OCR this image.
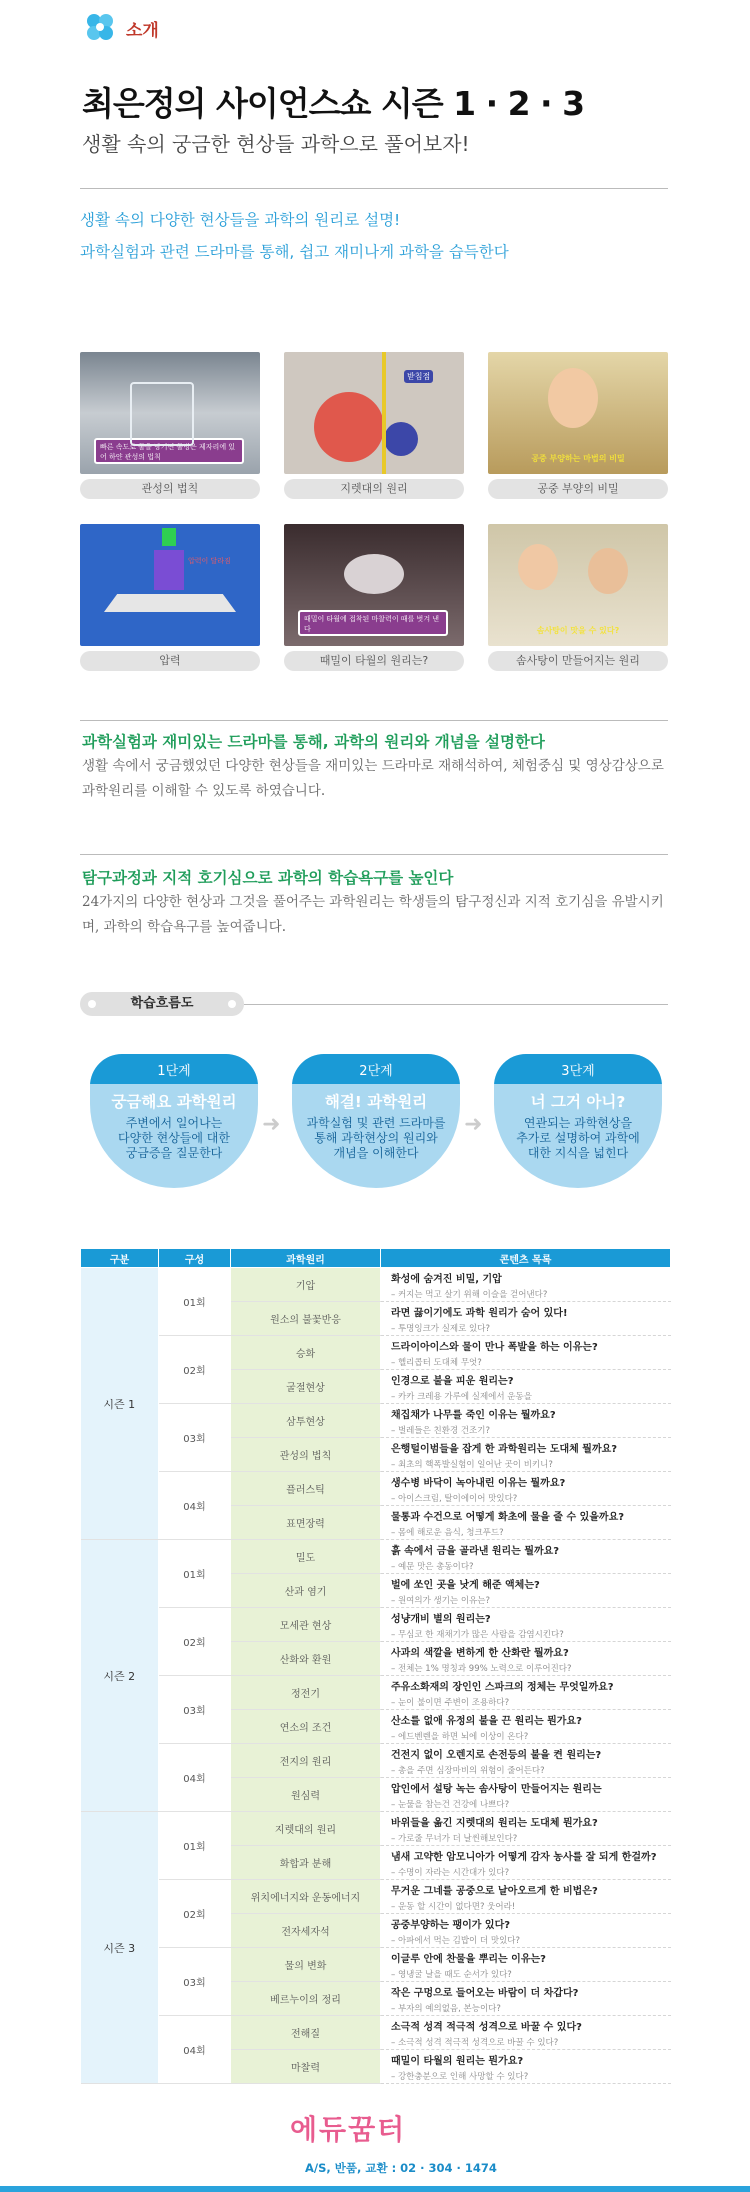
소개
최은정의 사이언스쇼 시즌 1 · 2 · 3
생활 속의 궁금한 현상들 과학으로 풀어보자!
생활 속의 다양한 현상들을 과학의 원리로 설명!
과학실험과 관련 드라마를 통해, 쉽고 재미나게 과학을 습득한다
빠른 속도로 물을 당기면 물병은 제자리에 있어 하얀 관성의 법칙
관성의 법칙
받침점
지렛대의 원리
공중 부양하는 마법의 비밀
공중 부양의 비밀
압력이 달라짐
압력
때밀이 타월에 접착된 마찰력이 때를 벗겨 낸다
때밀이 타월의 원리는?
솜사탕이 맛을 수 있다?
솜사탕이 만들어지는 원리
과학실험과 재미있는 드라마를 통해, 과학의 원리와 개념을 설명한다
생활 속에서 궁금했었던 다양한 현상들을 재미있는 드라마로 재해석하여, 체험중심 및 영상감상으로 과학원리를 이해할 수 있도록 하였습니다.
탐구과정과 지적 호기심으로 과학의 학습욕구를 높인다
24가지의 다양한 현상과 그것을 풀어주는 과학원리는 학생들의 탐구정신과 지적 호기심을 유발시키며, 과학의 학습욕구를 높여줍니다.
학습흐름도
1단계
궁금해요 과학원리
주변에서 일어나는
다양한 현상들에 대한
궁금증을 질문한다
➜
2단계
해결! 과학원리
과학실험 및 관련 드라마를
통해 과학현상의 원리와
개념을 이해한다
➜
3단계
너 그거 아니?
연관되는 과학현상을
추가로 설명하여 과학에
대한 지식을 넓힌다
구분	구성	과학원리	콘텐츠 목록
시즌 1	01회	기압	화성에 숨겨진 비밀, 기압
– 커지는 먹고 살기 위해 이슬을 걷어낸다?

		원소의 불꽃반응	라면 끓이기에도 과학 원리가 숨어 있다!
– 투명잉크가 실제로 있다?

	02회	승화	드라이아이스와 물이 만나 폭발을 하는 이유는?
– 헬리콥터 도대체 무엇?

		굴절현상	인경으로 불을 피운 원리는?
– 카카 크레용 가루에 실제에서 운동을

	03회	삼투현상	채집채가 나무를 죽인 이유는 뭘까요?
– 벌레들은 친환경 건조기?

		관성의 법칙	은행털이범들을 잡게 한 과학원리는 도대체 뭘까요?
– 최초의 핵폭발실험이 일어난 곳이 비키니?

	04회	플러스틱	생수병 바닥이 녹아내린 이유는 뭘까요?
– 아이스크림, 탈이에이어 맛있다?

		표면장력	물통과 수건으로 어떻게 화초에 물을 줄 수 있을까요?
– 몸에 해로운 음식, 청크푸드?

시즌 2	01회	밀도	흙 속에서 금을 골라낸 원리는 뭘까요?
– 예문 맛은 총동이다?

		산과 염기	벌에 쏘인 곳을 낫게 해준 액체는?
– 원여의가 생기는 이유는?

	02회	모세관 현상	성냥개비 별의 원리는?
– 무심코 한 재채기가 많은 사람을 감염시킨다?

		산화와 환원	사과의 색깔을 변하게 한 산화란 뭘까요?
– 전체는 1% 명칭과 99% 노력으로 이루어진다?

	03회	정전기	주유소화재의 장인인 스파크의 정체는 무엇일까요?
– 눈이 불이면 주변이 조용하다?

		연소의 조건	산소를 없애 유정의 불을 끈 원리는 뭔가요?
– 에드벤렌을 하면 뇌에 이상이 온다?

	04회	전지의 원리	건전지 없이 오렌지로 손전등의 불을 켠 원리는?
– 총을 주면 심장마비의 위험이 줄어든다?

		원심력	압인에서 설탕 녹는 솜사탕이 만들어지는 원리는
– 눈물을 참는건 건강에 나쁘다?

시즌 3	01회	지렛대의 원리	바위들을 옮긴 지렛대의 원리는 도대체 뭔가요?
– 가로줄 무너가 더 날씬해보인다?

		화합과 분해	냄새 고약한 암모니아가 어떻게 감자 농사를 잘 되게 한걸까?
– 수명이 자라는 시간대가 있다?

	02회	위치에너지와 운동에너지	무거운 그네를 공중으로 날아오르게 한 비법은?
– 운동 할 시간이 없다면? 웃어라!

		전자세자석	공중부양하는 팽이가 있다?
– 아파에서 먹는 김밥이 더 맛있다?

	03회	물의 변화	이글루 안에 찬물을 뿌리는 이유는?
– 영냉굴 날을 때도 순서가 있다?

		베르누이의 정리	작은 구멍으로 들어오는 바람이 더 차갑다?
– 부자의 예의없음, 본능이다?

	04회	전해질	소극적 성격 적극적 성격으로 바꿀 수 있다?
– 소극적 성격 적극적 성격으로 바꿀 수 있다?

		마찰력	때밀이 타월의 원리는 뭔가요?
– 강한충분으로 인해 사망할 수 있다?
에듀꿈터
A/S, 반품, 교환 : 02 · 304 · 1474
